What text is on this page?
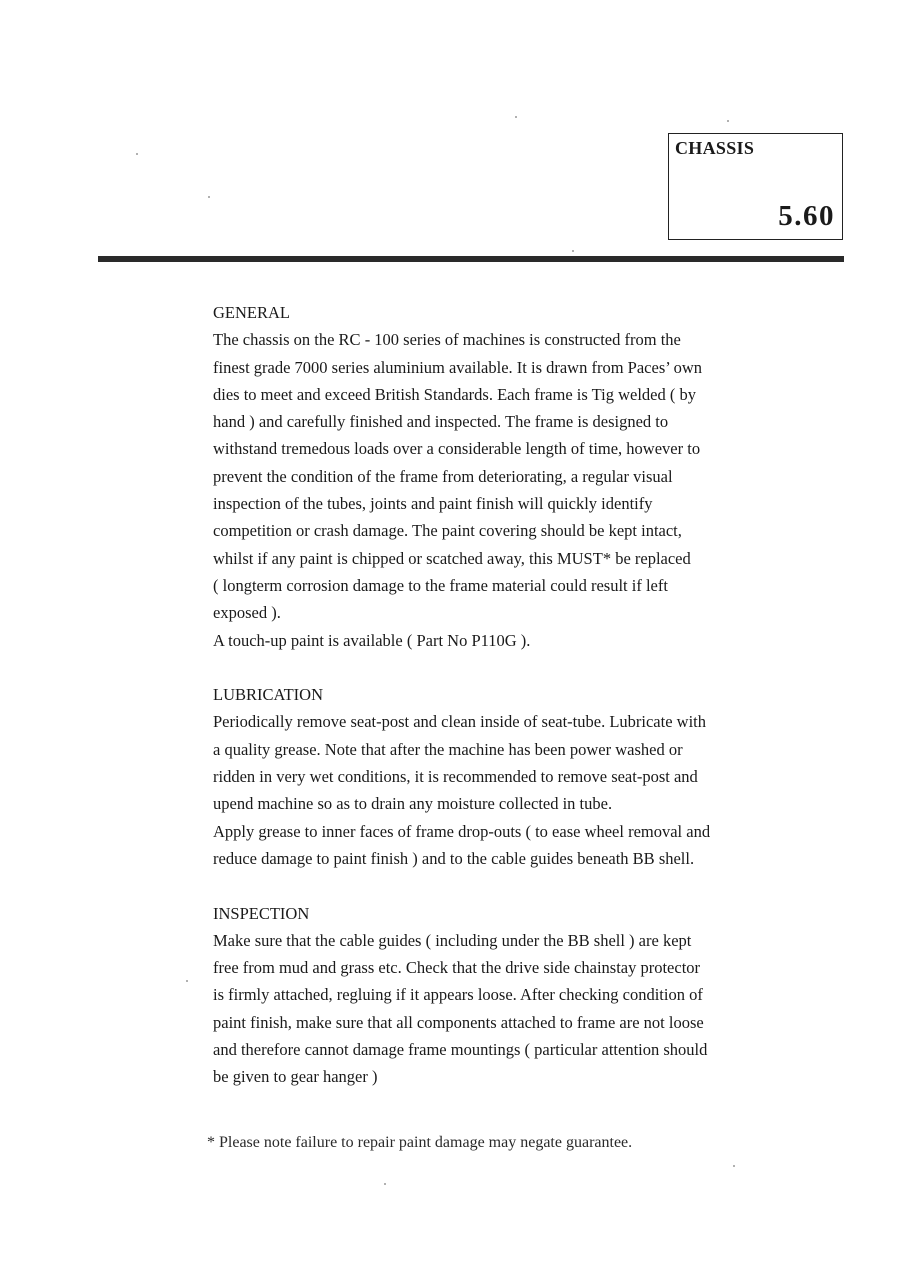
CHASSIS
5.60
GENERAL
The chassis on the RC - 100 series of machines is constructed from the
finest grade 7000 series aluminium available. It is drawn from Paces’ own
dies to meet and exceed British Standards. Each frame is Tig welded ( by
hand ) and carefully finished and inspected. The frame is designed to
withstand tremedous loads over a considerable length of time, however to
prevent the condition of the frame from deteriorating, a regular visual
inspection of the tubes, joints and paint finish will quickly identify
competition or crash damage. The paint covering should be kept intact,
whilst if any paint is chipped or scatched away, this MUST* be replaced
( longterm corrosion damage to the frame material could result if left
exposed ).
A touch-up paint is available ( Part No P110G ).
LUBRICATION
Periodically remove seat-post and clean inside of seat-tube. Lubricate with
a quality grease. Note that after the machine has been power washed or
ridden in very wet conditions, it is recommended to remove seat-post and
upend machine so as to drain any moisture collected in tube.
Apply grease to inner faces of frame drop-outs ( to ease wheel removal and
reduce damage to paint finish ) and to the cable guides beneath BB shell.
INSPECTION
Make sure that the cable guides ( including under the BB shell ) are kept
free from mud and grass etc. Check that the drive side chainstay protector
is firmly attached, regluing if it appears loose. After checking condition of
paint finish, make sure that all components attached to frame are not loose
and therefore cannot damage frame mountings ( particular attention should
be given to gear hanger )
* Please note failure to repair paint damage may negate guarantee.
